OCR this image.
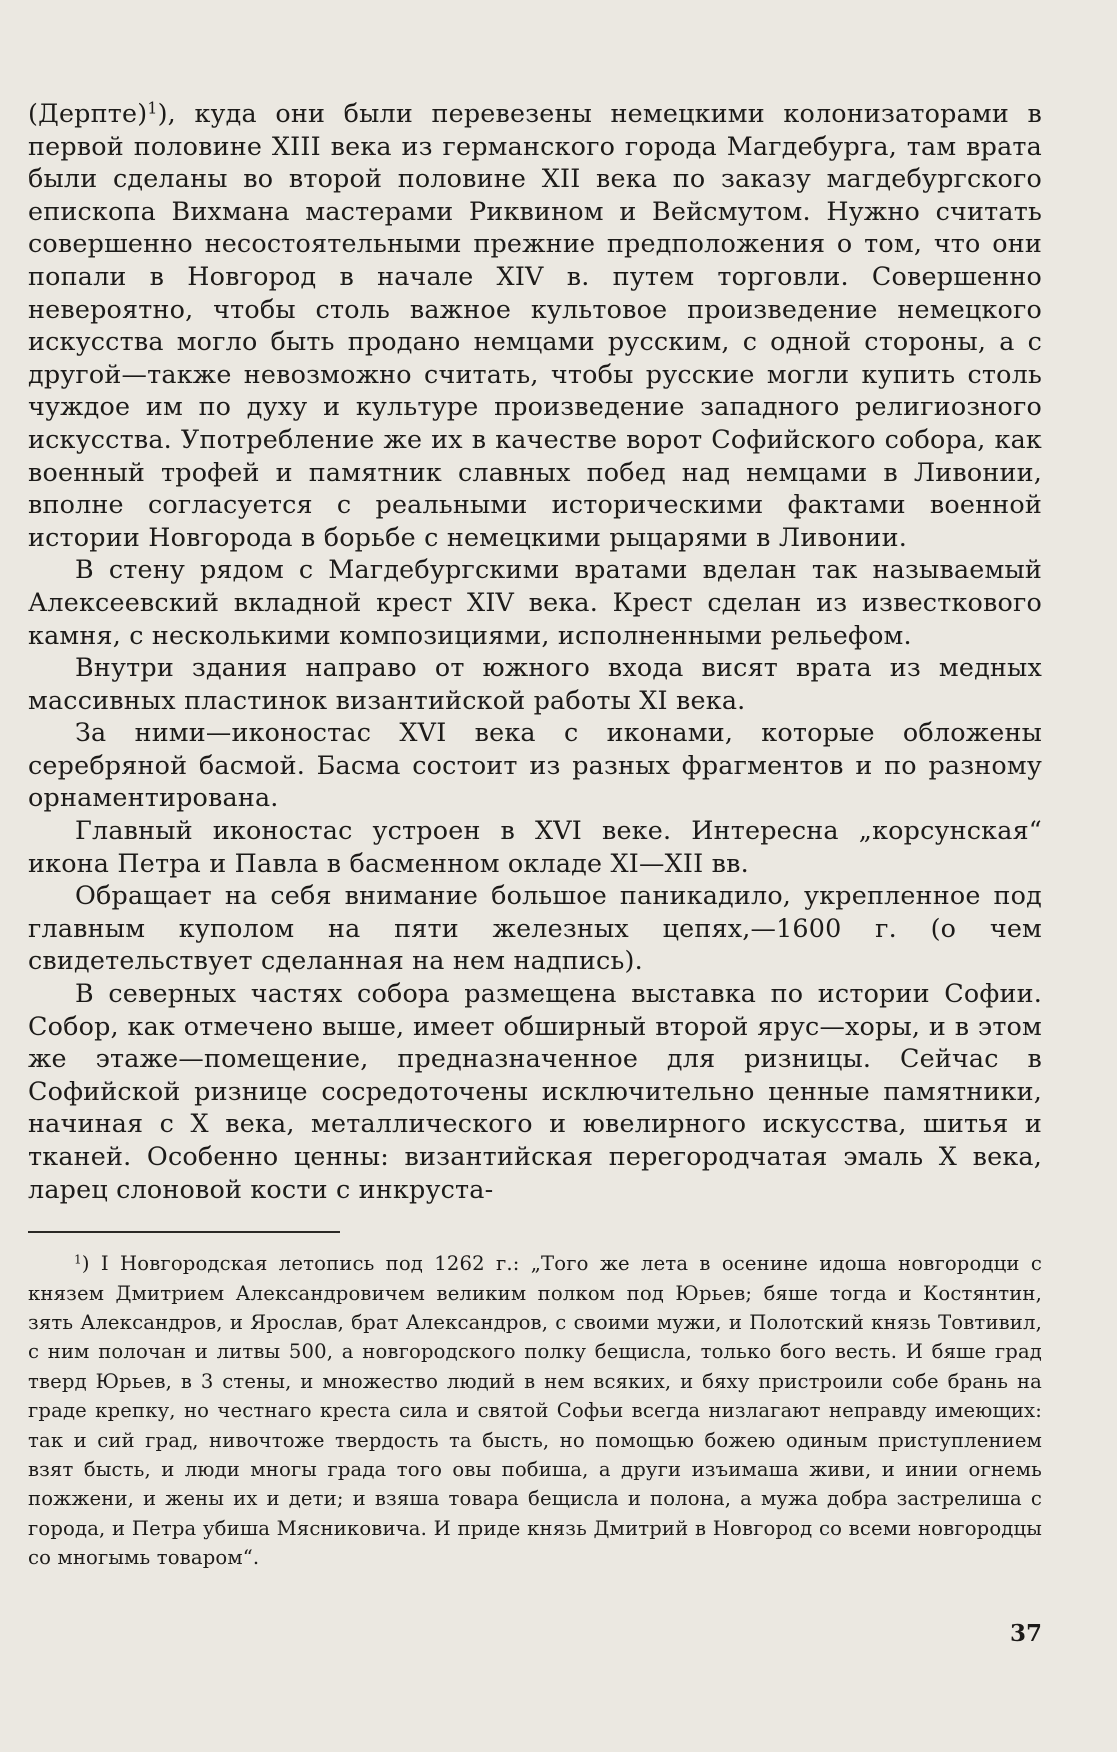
(Дерпте)$^1$), куда они были перевезены немецкими колонизаторами в первой половине XIII века из германского города Магдебурга, там врата были сделаны во второй половине XII века по заказу магдебургского епископа Вихмана мастерами Риквином и Вейсмутом. Нужно считать совершенно несостоятельными прежние предположения о том, что они попали в Новгород в начале XIV в. путем торговли. Совершенно невероятно, чтобы столь важное культовое произведение немецкого искусства могло быть продано немцами русским, с одной стороны, а с другой—также невозможно считать, чтобы русские могли купить столь чуждое им по духу и культуре произведение западного религиозного искусства. Употребление же их в качестве ворот Софийского собора, как военный трофей и памятник славных побед над немцами в Ливонии, вполне согласуется с реальными историческими фактами военной истории Новгорода в борьбе с немецкими рыцарями в Ливонии.

В стену рядом с Магдебургскими вратами вделан так называемый Алексеевский вкладной крест XIV века. Крест сделан из известкового камня, с несколькими композициями, исполненными рельефом.

Внутри здания направо от южного входа висят врата из медных массивных пластинок византийской работы XI века.

За ними—иконостас XVI века с иконами, которые обложены серебряной басмой. Басма состоит из разных фрагментов и по разному орнаментирована.

Главный иконостас устроен в XVI веке. Интересна „корсунская“ икона Петра и Павла в басменном окладе XI—XII вв.

Обращает на себя внимание большое паникадило, укрепленное под главным куполом на пяти железных цепях,—1600 г. (о чем свидетельствует сделанная на нем надпись).

В северных частях собора размещена выставка по истории Софии. Собор, как отмечено выше, имеет обширный второй ярус—хоры, и в этом же этаже—помещение, предназначенное для ризницы. Сейчас в Софийской ризнице сосредоточены исключительно ценные памятники, начиная с X века, металлического и ювелирного искусства, шитья и тканей. Особенно ценны: византийская перегородчатая эмаль X века, ларец слоновой кости с инкруста-

$^1$) I Новгородская летопись под 1262 г.: „Того же лета в осенине идоша новгородци с князем Дмитрием Александровичем великим полком под Юрьев; бяше тогда и Костянтин, зять Александров, и Ярослав, брат Александров, с своими мужи, и Полотский князь Товтивил, с ним полочан и литвы 500, а новгородского полку бещисла, только бого весть. И бяше град тверд Юрьев, в 3 стены, и множество людий в нем всяких, и бяху пристроили собе брань на граде крепку, но честнаго креста сила и святой Софьи всегда низлагают неправду имеющих: так и сий град, нивочтоже твердость та бысть, но помощью божею одиным приступлением взят бысть, и люди многы града того овы побиша, а други изъимаша живи, и инии огнемь пожжени, и жены их и дети; и взяша товара бещисла и полона, а мужа добра застрелиша с города, и Петра убиша Мясниковича. И приде князь Дмитрий в Новгород со всеми новгородцы со многымь товаром“.

37
